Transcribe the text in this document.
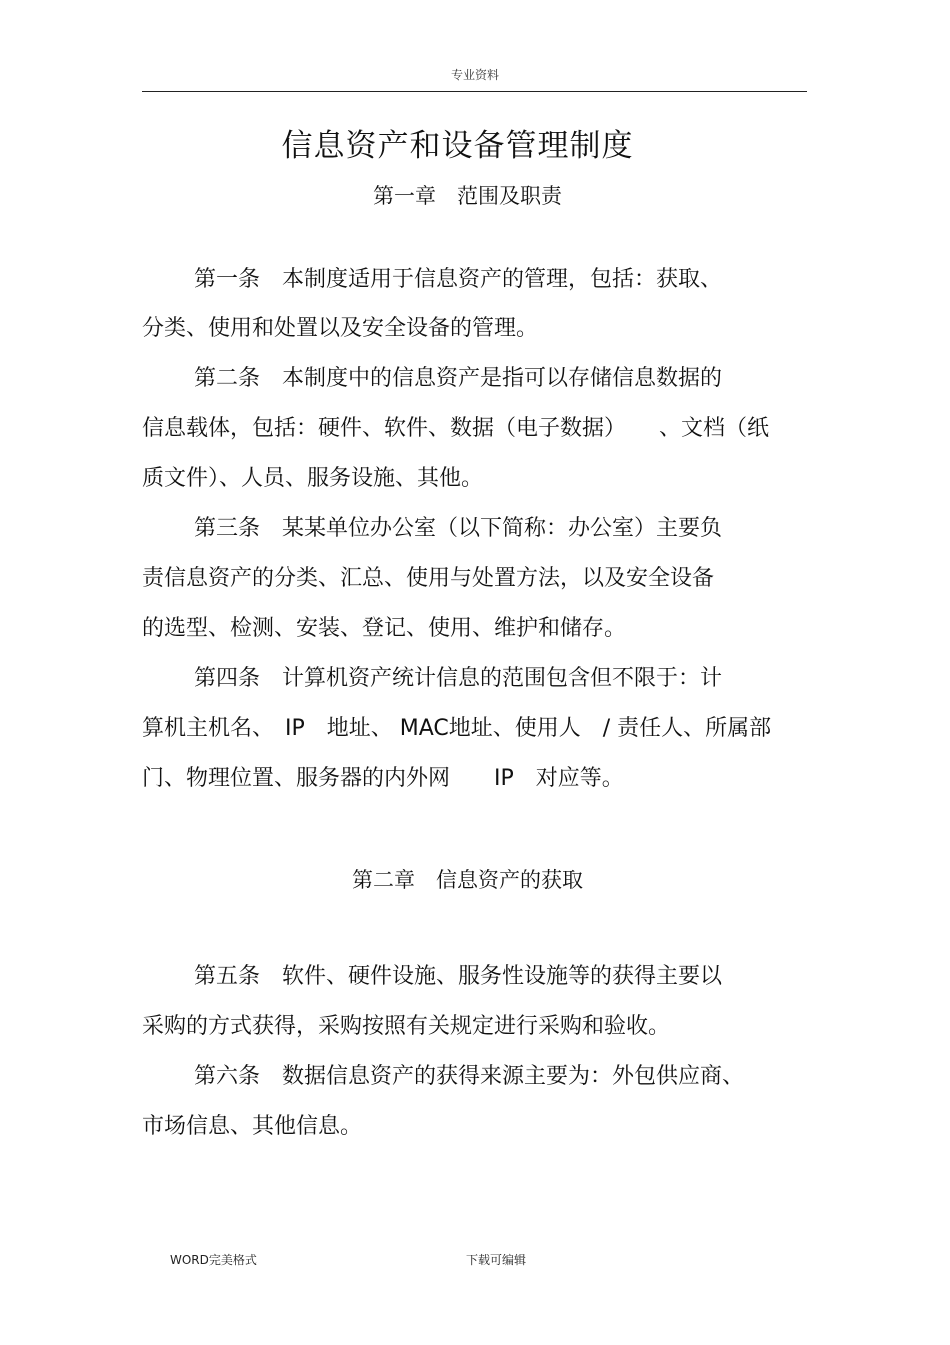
专业资料
信息资产和设备管理制度
第一章　范围及职责
第一条　本制度适用于信息资产的管理，包括：获取、
分类、使用和处置以及安全设备的管理。
第二条　本制度中的信息资产是指可以存储信息数据的
信息载体，包括：硬件、软件、数据（电子数据）　　、文档（纸
质文件）、人员、服务设施、其他。
第三条　某某单位办公室（以下简称：办公室）主要负
责信息资产的分类、汇总、使用与处置方法，以及安全设备
的选型、检测、安装、登记、使用、维护和储存。
第四条　计算机资产统计信息的范围包含但不限于：计
算机主机名、　IP　地址、 MAC地址、使用人　/ 责任人、所属部
门、物理位置、服务器的内外网　　IP　对应等。
第二章　信息资产的获取
第五条　软件、硬件设施、服务性设施等的获得主要以
采购的方式获得，采购按照有关规定进行采购和验收。
第六条　数据信息资产的获得来源主要为：外包供应商、
市场信息、其他信息。
WORD完美格式	下载可编辑
